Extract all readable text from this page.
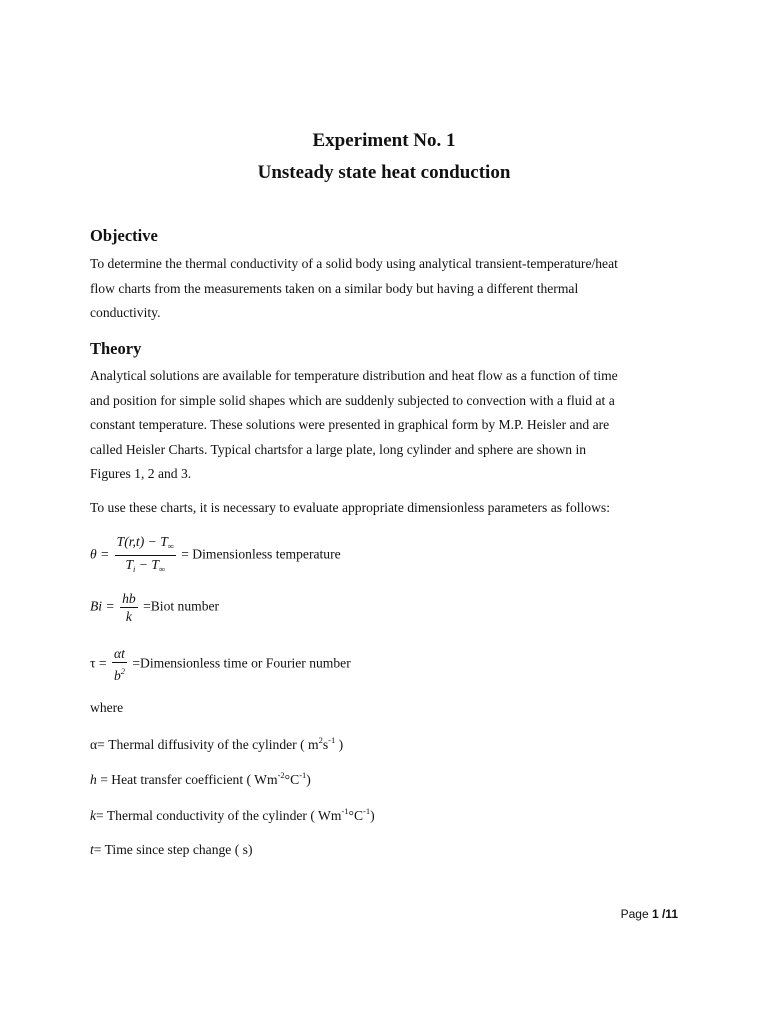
Experiment No. 1
Unsteady state heat conduction
Objective
To determine the thermal conductivity of a solid body using analytical transient-temperature/heat
flow charts from the measurements taken on a similar body but having a different thermal
conductivity.
Theory
Analytical solutions are available for temperature distribution and heat flow as a function of time
and position for simple solid shapes which are suddenly subjected to convection with a fluid at a
constant temperature. These solutions were presented in graphical form by M.P. Heisler and are
called Heisler Charts. Typical chartsfor a large plate, long cylinder and sphere are shown in
Figures 1, 2 and 3.
To use these charts, it is necessary to evaluate appropriate dimensionless parameters as follows:
$\theta = \frac{T(r,t) - T_\infty}{T_i - T_\infty}$ = Dimensionless temperature
$Bi = \frac{hb}{k}$ =Biot number
$\tau = \frac{\alpha t}{b^2}$ =Dimensionless time or Fourier number
where
α= Thermal diffusivity of the cylinder ( $m^2s^{-1}$ )
h = Heat transfer coefficient ( $Wm^{-2}^\circ C^{-1}$)
k= Thermal conductivity of the cylinder ( $Wm^{-1}^\circ C^{-1}$)
t= Time since step change ( s)
Page 1 /11
